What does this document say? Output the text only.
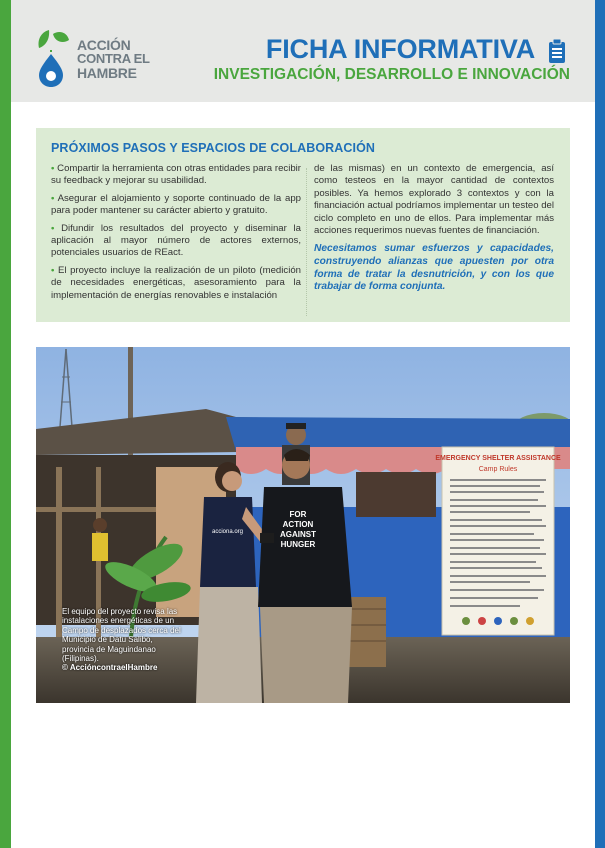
ACCIÓN
CONTRA EL
HAMBRE
FICHA INFORMATIVA
INVESTIGACIÓN, DESARROLLO E INNOVACIÓN
PRÓXIMOS PASOS Y ESPACIOS DE COLABORACIÓN

• Compartir la herramienta con otras entidades para recibir su feedback y mejorar su usabilidad.

• Asegurar el alojamiento y soporte continuado de la app para poder mantener su carácter abierto y gratuito.

• Difundir los resultados del proyecto y diseminar la aplicación al mayor número de actores externos, potenciales usuarios de REact.

• El proyecto incluye la realización de un piloto (medición de necesidades energéticas, asesoramiento para la implementación de energías renovables e instalación

de las mismas) en un contexto de emergencia, así como testeos en la mayor cantidad de contextos posibles. Ya hemos explorado 3 contextos y con la financiación actual podríamos implementar un testeo del ciclo completo en uno de ellos. Para implementar más acciones requerimos nuevas fuentes de financiación.

Necesitamos sumar esfuerzos y capacidades, construyendo alianzas que apuesten por otra forma de tratar la desnutrición, y con los que trabajar de forma conjunta.

EMERGENCY SHELTER ASSISTANCE
Camp Rules
acciona.org
FOR
ACTION
AGAINST
HUNGER
El equipo del proyecto revisa las instalaciones energéticas de un Campo de desplazados cerca del Municipio de Datu Salibo, provincia de Maguindanao (Filipinas).
© AccióncontraelHambre
